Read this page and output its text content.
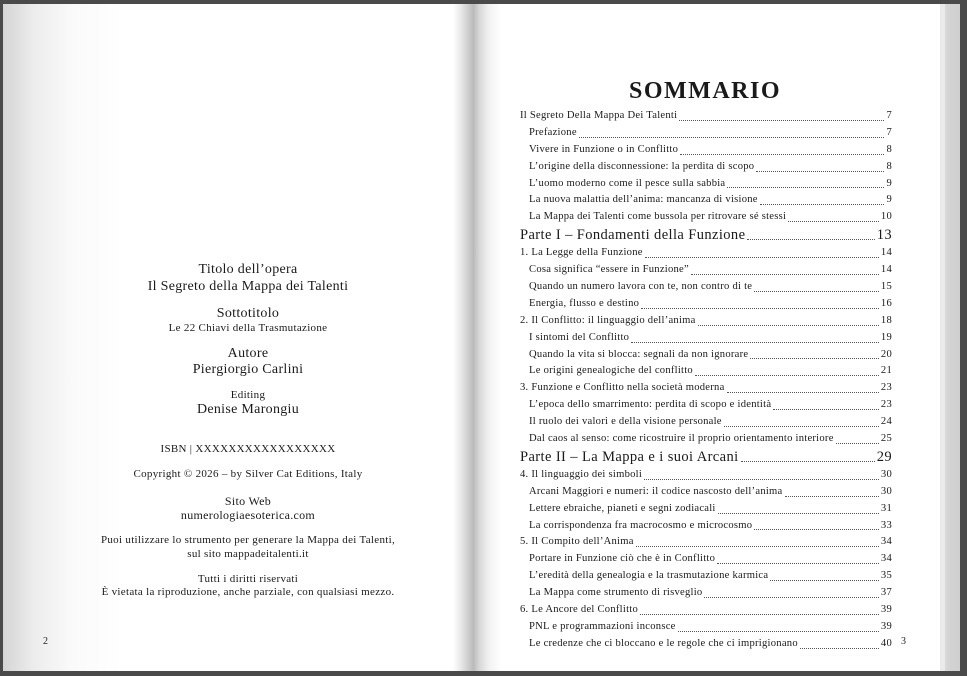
Titolo dell’opera
Il Segreto della Mappa dei Talenti
Sottotitolo
Le 22 Chiavi della Trasmutazione
Autore
Piergiorgio Carlini
Editing
Denise Marongiu
ISBN | XXXXXXXXXXXXXXXXX
Copyright © 2026 – by Silver Cat Editions, Italy
Sito Web
numerologiaesoterica.com
Puoi utilizzare lo strumento per generare la Mappa dei Talenti,
sul sito mappadeitalenti.it
Tutti i diritti riservati
È vietata la riproduzione, anche parziale, con qualsiasi mezzo.
2	3
SOMMARIO
Il Segreto Della Mappa Dei Talenti	7
Prefazione	7
Vivere in Funzione o in Conflitto	8
L’origine della disconnessione: la perdita di scopo	8
L’uomo moderno come il pesce sulla sabbia	9
La nuova malattia dell’anima: mancanza di visione	9
La Mappa dei Talenti come bussola per ritrovare sé stessi	10
Parte I – Fondamenti della Funzione	13
1. La Legge della Funzione	14
Cosa significa “essere in Funzione”	14
Quando un numero lavora con te, non contro di te	15
Energia, flusso e destino	16
2. Il Conflitto: il linguaggio dell’anima	18
I sintomi del Conflitto	19
Quando la vita si blocca: segnali da non ignorare	20
Le origini genealogiche del conflitto	21
3. Funzione e Conflitto nella società moderna	23
L’epoca dello smarrimento: perdita di scopo e identità	23
Il ruolo dei valori e della visione personale	24
Dal caos al senso: come ricostruire il proprio orientamento interiore	25
Parte II – La Mappa e i suoi Arcani	29
4. Il linguaggio dei simboli	30
Arcani Maggiori e numeri: il codice nascosto dell’anima	30
Lettere ebraiche, pianeti e segni zodiacali	31
La corrispondenza fra macrocosmo e microcosmo	33
5. Il Compito dell’Anima	34
Portare in Funzione ciò che è in Conflitto	34
L’eredità della genealogia e la trasmutazione karmica	35
La Mappa come strumento di risveglio	37
6. Le Ancore del Conflitto	39
PNL e programmazioni inconsce	39
Le credenze che ci bloccano e le regole che ci imprigionano	40
